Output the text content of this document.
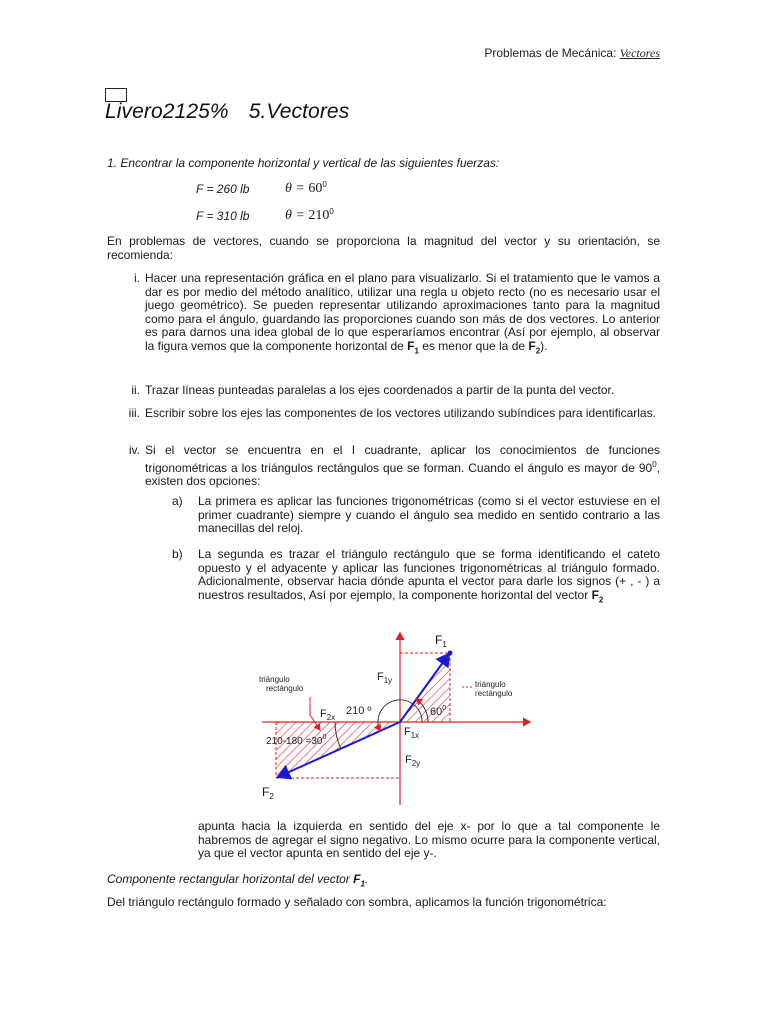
Problemas de Mecánica: Vectores
Livero2125% 5.Vectores
1. Encontrar la componente horizontal y vertical de las siguientes fuerzas:
F = 260 lb	$\theta = 60^0$
F = 310 lb	$\theta = 210^0$
En problemas de vectores, cuando se proporciona la magnitud del vector y su orientación, se recomienda:
i. Hacer una representación gráfica en el plano para visualizarlo. Si el tratamiento que le vamos a dar es por medio del método analítico, utilizar una regla u objeto recto (no es necesario usar el juego geométrico). Se pueden representar utilizando aproximaciones tanto para la magnitud como para el ángulo, guardando las proporciones cuando son más de dos vectores. Lo anterior es para darnos una idea global de lo que esperaríamos encontrar (Así por ejemplo, al observar la figura vemos que la componente horizontal de $F_1$ es menor que la de $F_2$).
ii. Trazar líneas punteadas paralelas a los ejes coordenados a partir de la punta del vector.
iii. Escribir sobre los ejes las componentes de los vectores utilizando subíndices para identificarlas.
iv. Si el vector se encuentra en el I cuadrante, aplicar los conocimientos de funciones trigonométricas a los triángulos rectángulos que se forman. Cuando el ángulo es mayor de $90^0$, existen dos opciones:
a) La primera es aplicar las funciones trigonométricas (como si el vector estuviese en el primer cuadrante) siempre y cuando el ángulo sea medido en sentido contrario a las manecillas del reloj.
b) La segunda es trazar el triángulo rectángulo que se forma identificando el cateto opuesto y el adyacente y aplicar las funciones trigonométricas al triángulo formado. Adicionalmente, observar hacia dónde apunta el vector para darle los signos (+ , - ) a nuestros resultados, Así por ejemplo, la componente horizontal del vector $F_2$
$F_1$
$F_{1y}$
$F_{2x}$
$F_{1x}$
$F_{2y}$
$F_2$
210 º	$60^0$
$210-180 =30^0$
triángulo
rectángulo	triángulo
rectángulo
apunta hacia la izquierda en sentido del eje x- por lo que a tal componente le habremos de agregar el signo negativo. Lo mismo ocurre para la componente vertical, ya que el vector apunta en sentido del eje y-.
Componente rectangular horizontal del vector $F_1$.
Del triángulo rectángulo formado y señalado con sombra, aplicamos la función trigonométrica:
